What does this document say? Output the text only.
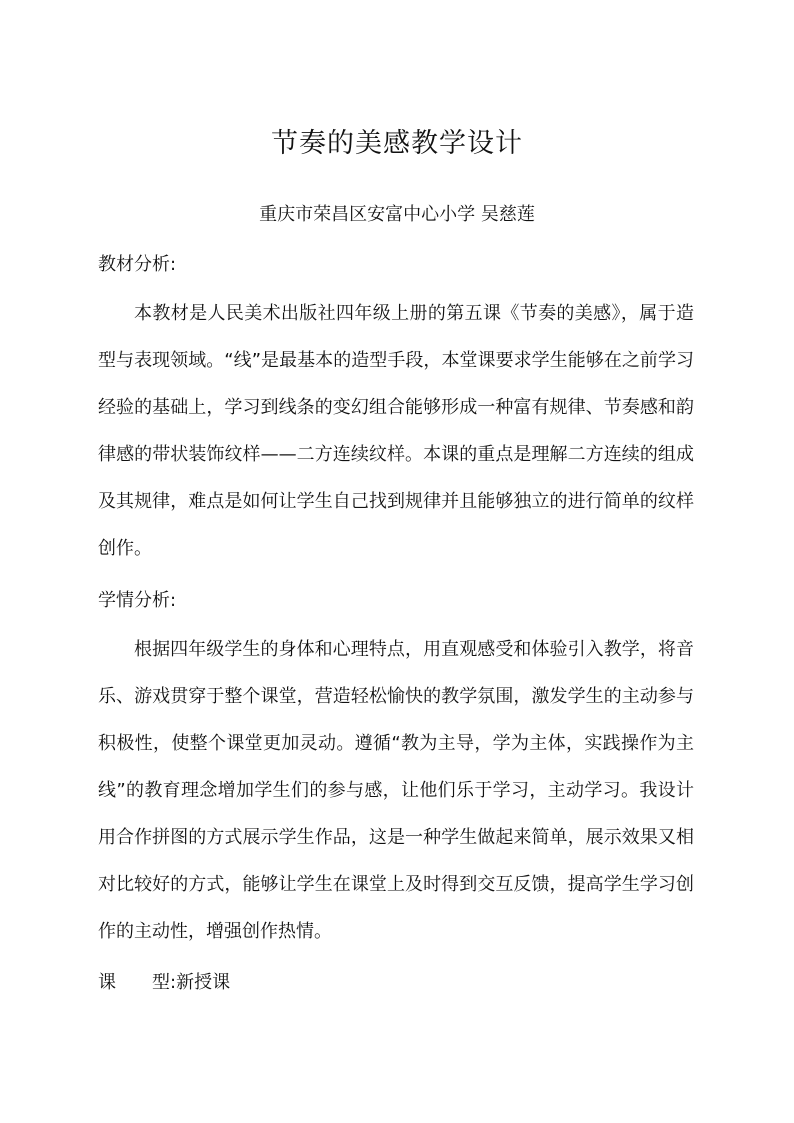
节奏的美感教学设计
重庆市荣昌区安富中心小学 吴慈莲
教材分析:

本教材是人民美术出版社四年级上册的第五课《节奏的美感》，属于造型与表现领域。“线”是最基本的造型手段，本堂课要求学生能够在之前学习经验的基础上，学习到线条的变幻组合能够形成一种富有规律、节奏感和韵律感的带状装饰纹样——二方连续纹样。本课的重点是理解二方连续的组成及其规律，难点是如何让学生自己找到规律并且能够独立的进行简单的纹样创作。

学情分析:

根据四年级学生的身体和心理特点，用直观感受和体验引入教学，将音乐、游戏贯穿于整个课堂，营造轻松愉快的教学氛围，激发学生的主动参与积极性，使整个课堂更加灵动。遵循“教为主导，学为主体，实践操作为主线”的教育理念增加学生们的参与感，让他们乐于学习，主动学习。我设计用合作拼图的方式展示学生作品，这是一种学生做起来简单，展示效果又相对比较好的方式，能够让学生在课堂上及时得到交互反馈，提高学生学习创作的主动性，增强创作热情。

课 型:新授课
